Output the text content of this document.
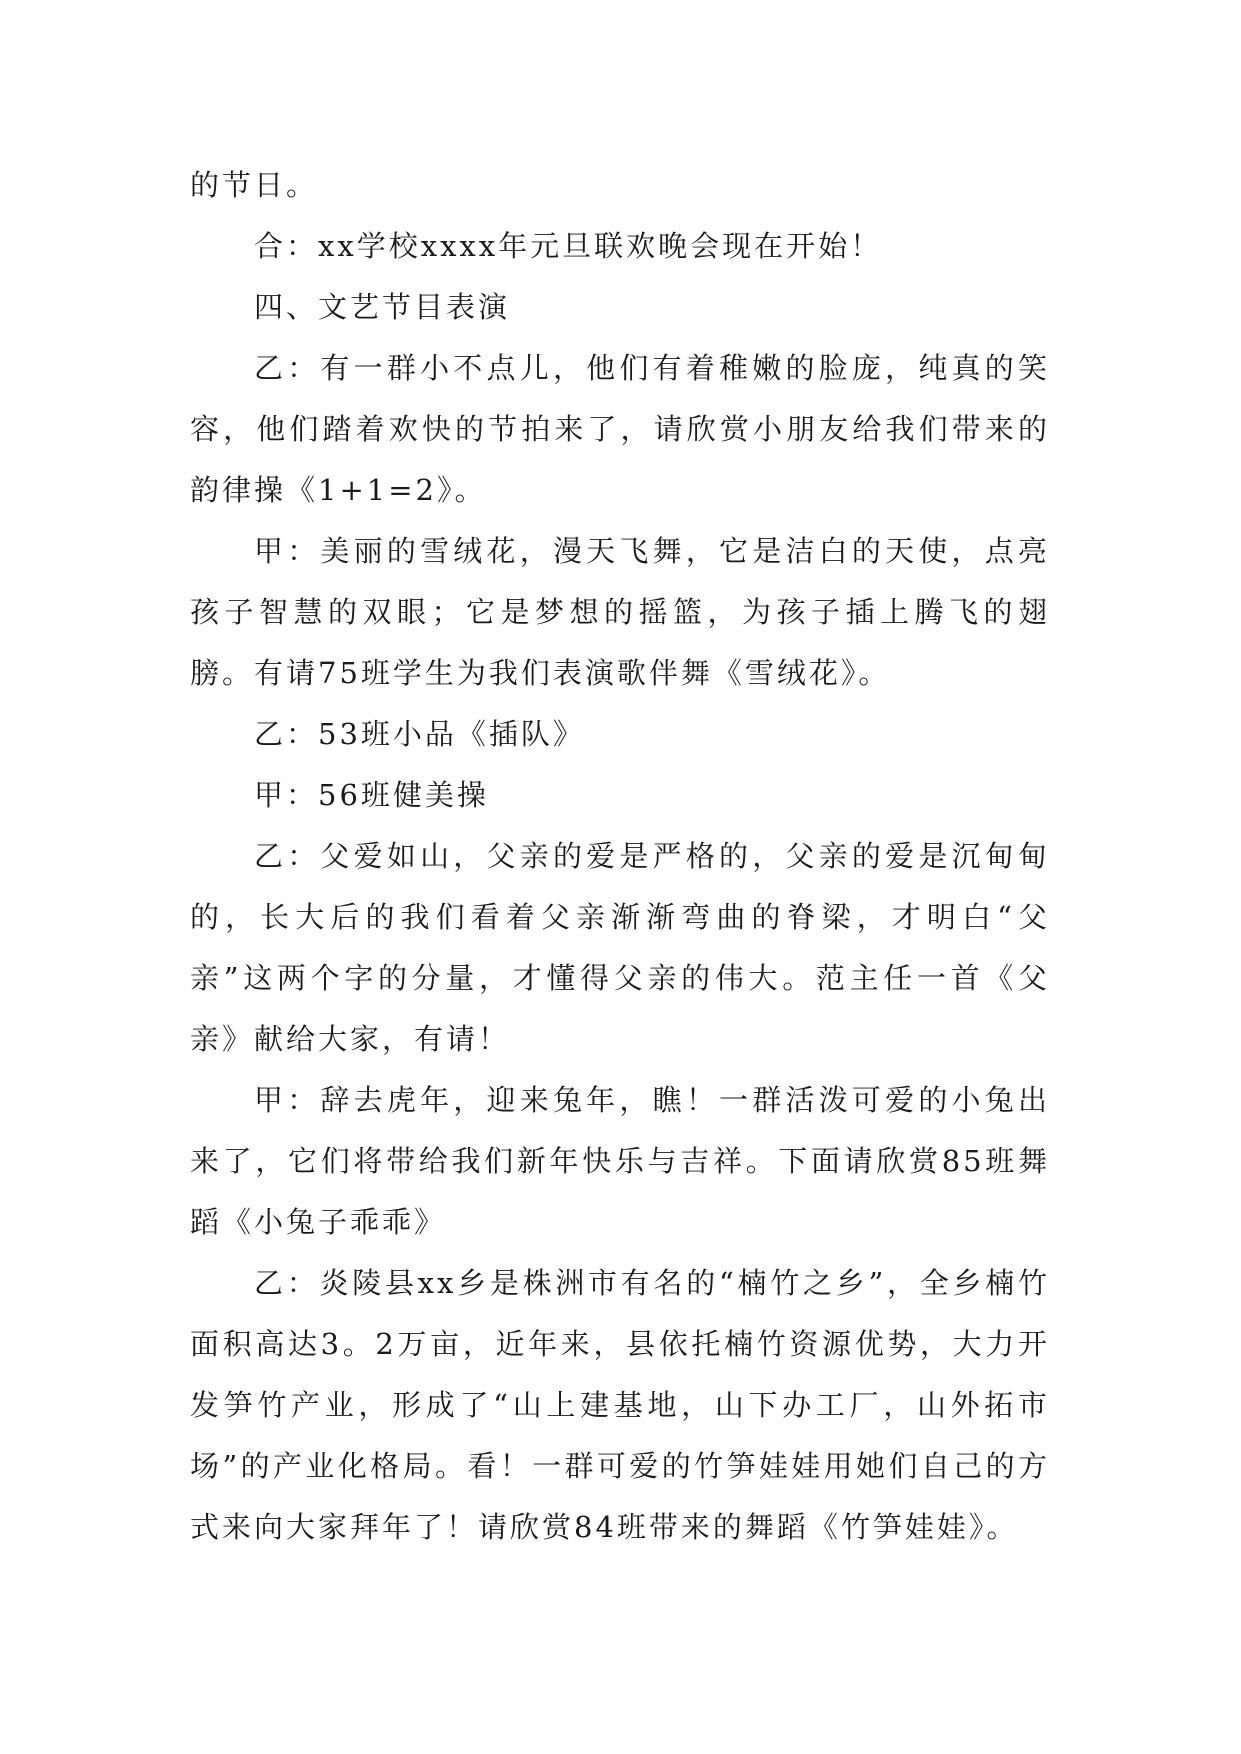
的节日。

合：xx学校xxxx年元旦联欢晚会现在开始！

四、文艺节目表演

乙：有一群小不点儿，他们有着稚嫩的脸庞，纯真的笑容，他们踏着欢快的节拍来了，请欣赏小朋友给我们带来的韵律操《1+1=2》。

甲：美丽的雪绒花，漫天飞舞，它是洁白的天使，点亮孩子智慧的双眼；它是梦想的摇篮，为孩子插上腾飞的翅膀。有请75班学生为我们表演歌伴舞《雪绒花》。

乙：53班小品《插队》

甲：56班健美操

乙：父爱如山，父亲的爱是严格的，父亲的爱是沉甸甸的，长大后的我们看着父亲渐渐弯曲的脊梁，才明白“父亲”这两个字的分量，才懂得父亲的伟大。范主任一首《父亲》献给大家，有请！

甲：辞去虎年，迎来兔年，瞧！一群活泼可爱的小兔出来了，它们将带给我们新年快乐与吉祥。下面请欣赏85班舞蹈《小兔子乖乖》

乙：炎陵县xx乡是株洲市有名的“楠竹之乡”，全乡楠竹面积高达3。2万亩，近年来，县依托楠竹资源优势，大力开发笋竹产业，形成了“山上建基地，山下办工厂，山外拓市场”的产业化格局。看！一群可爱的竹笋娃娃用她们自己的方式来向大家拜年了！请欣赏84班带来的舞蹈《竹笋娃娃》。
